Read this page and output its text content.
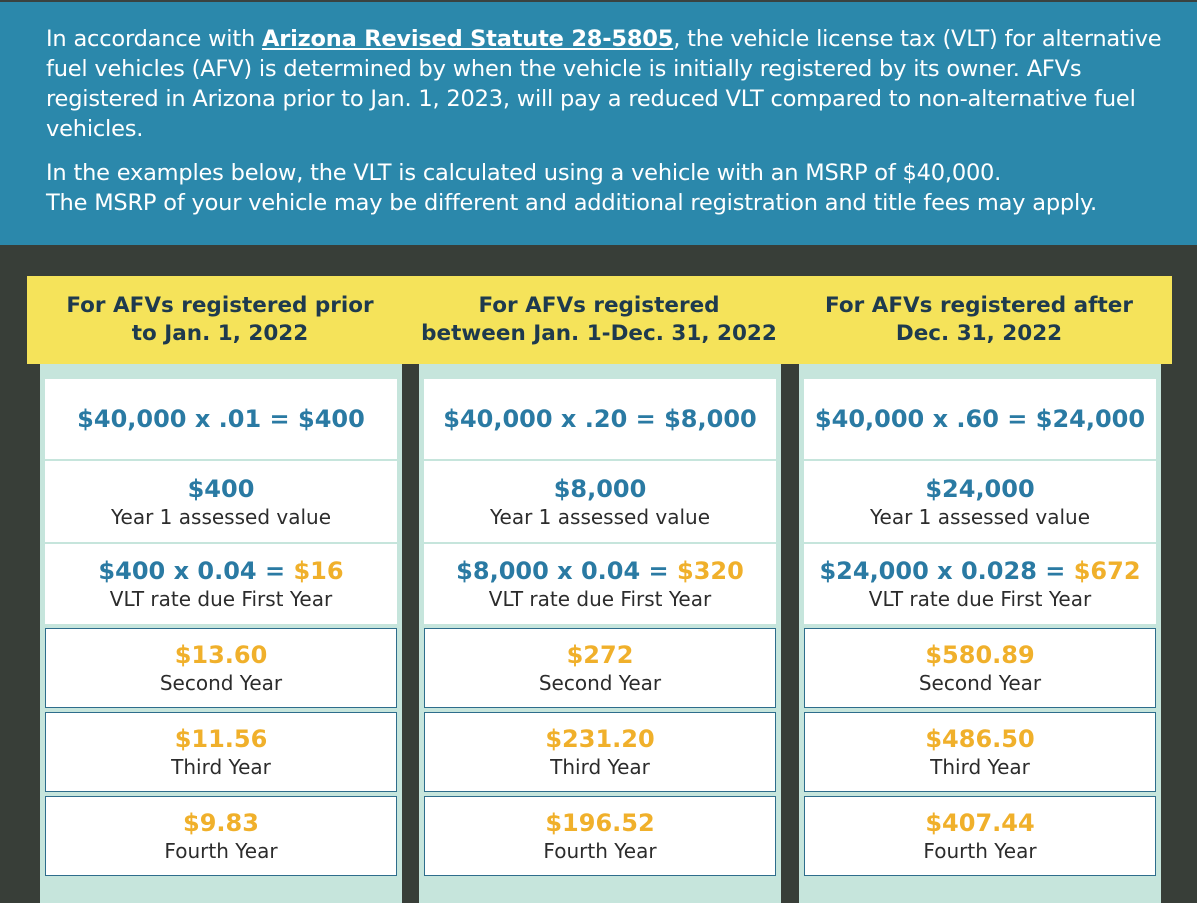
In accordance with Arizona Revised Statute 28-5805, the vehicle license tax (VLT) for alternative fuel vehicles (AFV) is determined by when the vehicle is initially registered by its owner. AFVs registered in Arizona prior to Jan. 1, 2023, will pay a reduced VLT compared to non-alternative fuel vehicles.

In the examples below, the VLT is calculated using a vehicle with an MSRP of $40,000.
The MSRP of your vehicle may be different and additional registration and title fees may apply.

For AFVs registered prior
to Jan. 1, 2022
$40,000 x .01 = $400
$400
Year 1 assessed value
$400 x 0.04 = $16
VLT rate due First Year
$13.60
Second Year
$11.56
Third Year
$9.83
Fourth Year
For AFVs registered
between Jan. 1-Dec. 31, 2022
$40,000 x .20 = $8,000
$8,000
Year 1 assessed value
$8,000 x 0.04 = $320
VLT rate due First Year
$272
Second Year
$231.20
Third Year
$196.52
Fourth Year
For AFVs registered after
Dec. 31, 2022
$40,000 x .60 = $24,000
$24,000
Year 1 assessed value
$24,000 x 0.028 = $672
VLT rate due First Year
$580.89
Second Year
$486.50
Third Year
$407.44
Fourth Year
